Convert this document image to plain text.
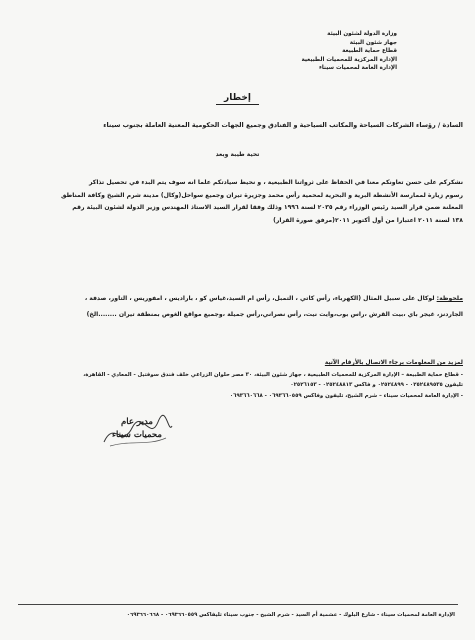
وزارة الدولة لشئون البيئة
جهاز شئون البيئة
قطاع حماية الطبيعة
الإدارة المركزية للمحميات الطبيعية
الإدارة العامة لمحميات سيناء
إخطار
السادة / رؤساء الشركات السياحة والمكاتب السياحية و الفنادق وجميع الجهات الحكومية المعنية العاملة بجنوب سيناء
تحية طيبة وبعد

نشكركم على حسن تعاونكم معنا في الحفاظ على ثرواتنا الطبيعية ، و نحيط سيادتكم علما انه سوف يتم البدء في تحصيل تذاكر

رسوم زيارة لممارسة الأنشطة البرية و البحرية لمحمية رأس محمد وجزيرة تيران وجميع سواحل(وكال) مدينة شرم الشيخ وكافة المناطق

المعلنة ضمن قرار السيد رئيس الوزراء رقم ٢٠٣٥ لسنة ١٩٩٦ وذلك وفقا لقرار السيد الاستاذ المهندس وزير الدولة لشئون البيئة رقم

١٣٨ لسنة ٢٠١١ اعتبارا من أول أكتوبر ٢٠١١(مرفق صورة القرار)

ملحوظة: لوكال على سبيل المثال (الكهرباء، رأس كاتي ، التمبل، رأس ام السيد،غياس كو ، باراديس ، امفوريس ، التاور، صدفة ،

الجاردنز، غيجر باي ،بيت القرش ،راس بوب،وايت نيت، رأس نصراني،رأس جميلة ،وجميع مواقع الغوص بمنطقة تيران ........الخ)

لمزيد من المعلومات برجاء الاتصال بالأرقام الآتية

- قطاع حماية الطبيعة – الإدارة المركزية للمحميات الطبيعية ، جهاز شئون البيئة، ٣٠ مصر حلوان الزراعي خلف فندق سوفتيل - المعادي - القاهرة،

تليفون ٠٢٥٢٤٨٩٥٣٥ - ٠٢٥٢٤٨٩٩ و فاكس ٠٢٥٢٤٨٨١٣ - ٠٢٥٢٦١٥٣

- الإدارة العامة لمحميات سيناء – شرم الشيخ، تليفون وفاكس ٠٦٩٣٦٦٠٥٥٩ - ٠٦٩٣٦٦٠٦٦٨

مدير عام
محميات سيناء
الإدارة العامة لمحميات سيناء - شارع البلوك - عشمية أم السيد - شرم الشيخ - جنوب سيناء تليفاكس ٠٦٩٣٦٦٠٥٥٩ - ٠٦٩٣٦٦٠٦٦٨
